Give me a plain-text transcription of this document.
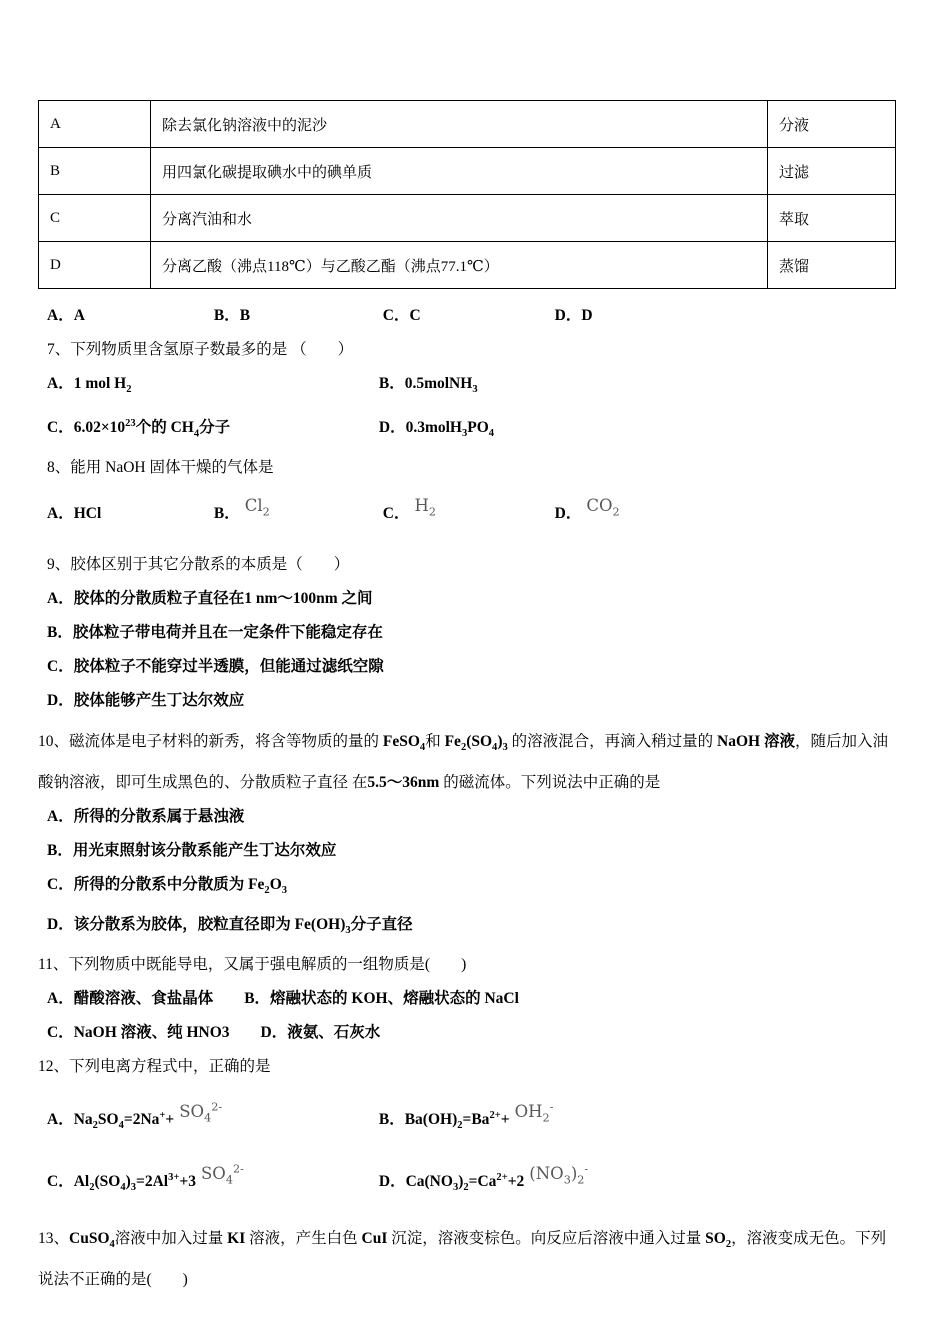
A	除去氯化钠溶液中的泥沙	分液
B	用四氯化碳提取碘水中的碘单质	过滤
C	分离汽油和水	萃取
D	分离乙酸（沸点118℃）与乙酸乙酯（沸点77.1℃）	蒸馏
A．A	B．B	C．C	D．D

7、下列物质里含氢原子数最多的是 （　　）

A．1 mol $H_2$	B．0.5molNH$_3$
C．$6.02\times 10^{23}$个的 $CH_4$分子	D．$0.3molH_3PO_4$

8、能用 NaOH 固体干燥的气体是

A．HCl	B． $Cl_2$	C． $H_2$	D． $CO_2$

9、胶体区别于其它分散系的本质是（　　）

A．胶体的分散质粒子直径在1 nm～100nm 之间

B．胶体粒子带电荷并且在一定条件下能稳定存在

C．胶体粒子不能穿过半透膜，但能通过滤纸空隙

D．胶体能够产生丁达尔效应

10、磁流体是电子材料的新秀，将含等物质的量的 FeSO$_4$和 $Fe_2(SO_4)_3$ 的溶液混合，再滴入稍过量的 NaOH 溶液，随后加入油酸钠溶液，即可生成黑色的、分散质粒子直径 在5.5～36nm 的磁流体。下列说法中正确的是

A．所得的分散系属于悬浊液

B．用光束照射该分散系能产生丁达尔效应

C．所得的分散系中分散质为 $Fe_2O_3$

D．该分散系为胶体，胶粒直径即为 $Fe(OH)_3$分子直径

11、下列物质中既能导电，又属于强电解质的一组物质是(　　)

A．醋酸溶液、食盐晶体　　B．熔融状态的 KOH、熔融状态的 NaCl

C．NaOH 溶液、纯 HNO3　　D．液氨、石灰水

12、下列电离方程式中，正确的是

A．$Na_2SO_4=2Na^++ SO_4^{2-}$ B．$Ba(OH)_2=Ba^{2+}+ OH_2^-$
C．$Al_2(SO_4)_3=2Al^{3+}+3$ $SO_4^{2-}$ D．$Ca(NO_3)_2=Ca^{2+}+2$ $(NO_3)_2^-$

13、CuSO$_4$溶液中加入过量 KI 溶液，产生白色 CuI 沉淀，溶液变棕色。向反应后溶液中通入过量 $SO_2$，溶液变成无色。下列说法不正确的是(　　)
